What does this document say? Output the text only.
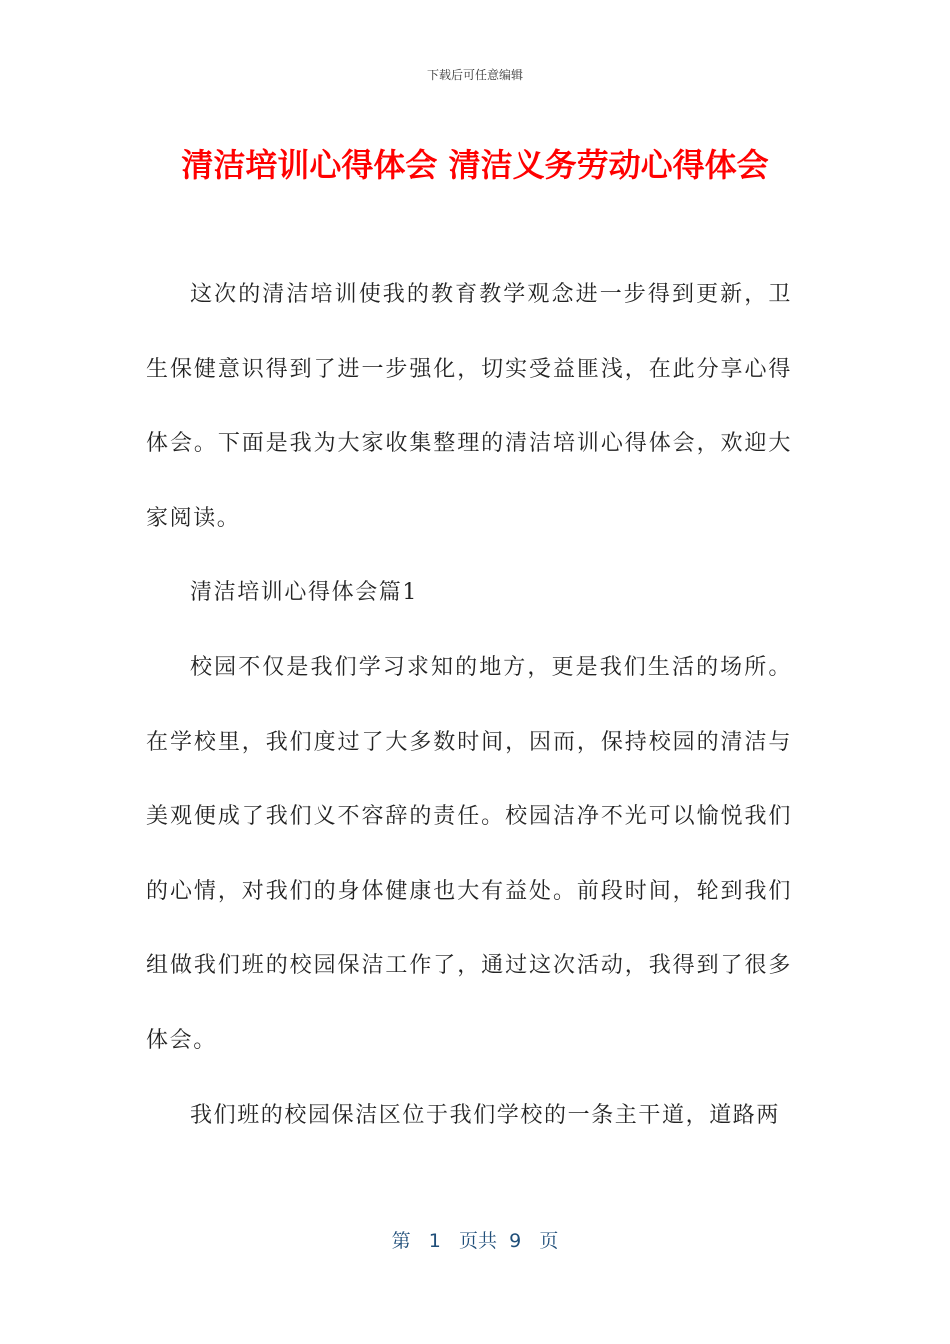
下载后可任意编辑
清洁培训心得体会 清洁义务劳动心得体会

这次的清洁培训使我的教育教学观念进一步得到更新，卫生保健意识得到了进一步强化，切实受益匪浅，在此分享心得体会。下面是我为大家收集整理的清洁培训心得体会，欢迎大家阅读。

清洁培训心得体会篇1

校园不仅是我们学习求知的地方，更是我们生活的场所。在学校里，我们度过了大多数时间，因而，保持校园的清洁与美观便成了我们义不容辞的责任。校园洁净不光可以愉悦我们的心情，对我们的身体健康也大有益处。前段时间，轮到我们组做我们班的校园保洁工作了，通过这次活动，我得到了很多体会。

我们班的校园保洁区位于我们学校的一条主干道，道路两

第 1 页共 9 页
